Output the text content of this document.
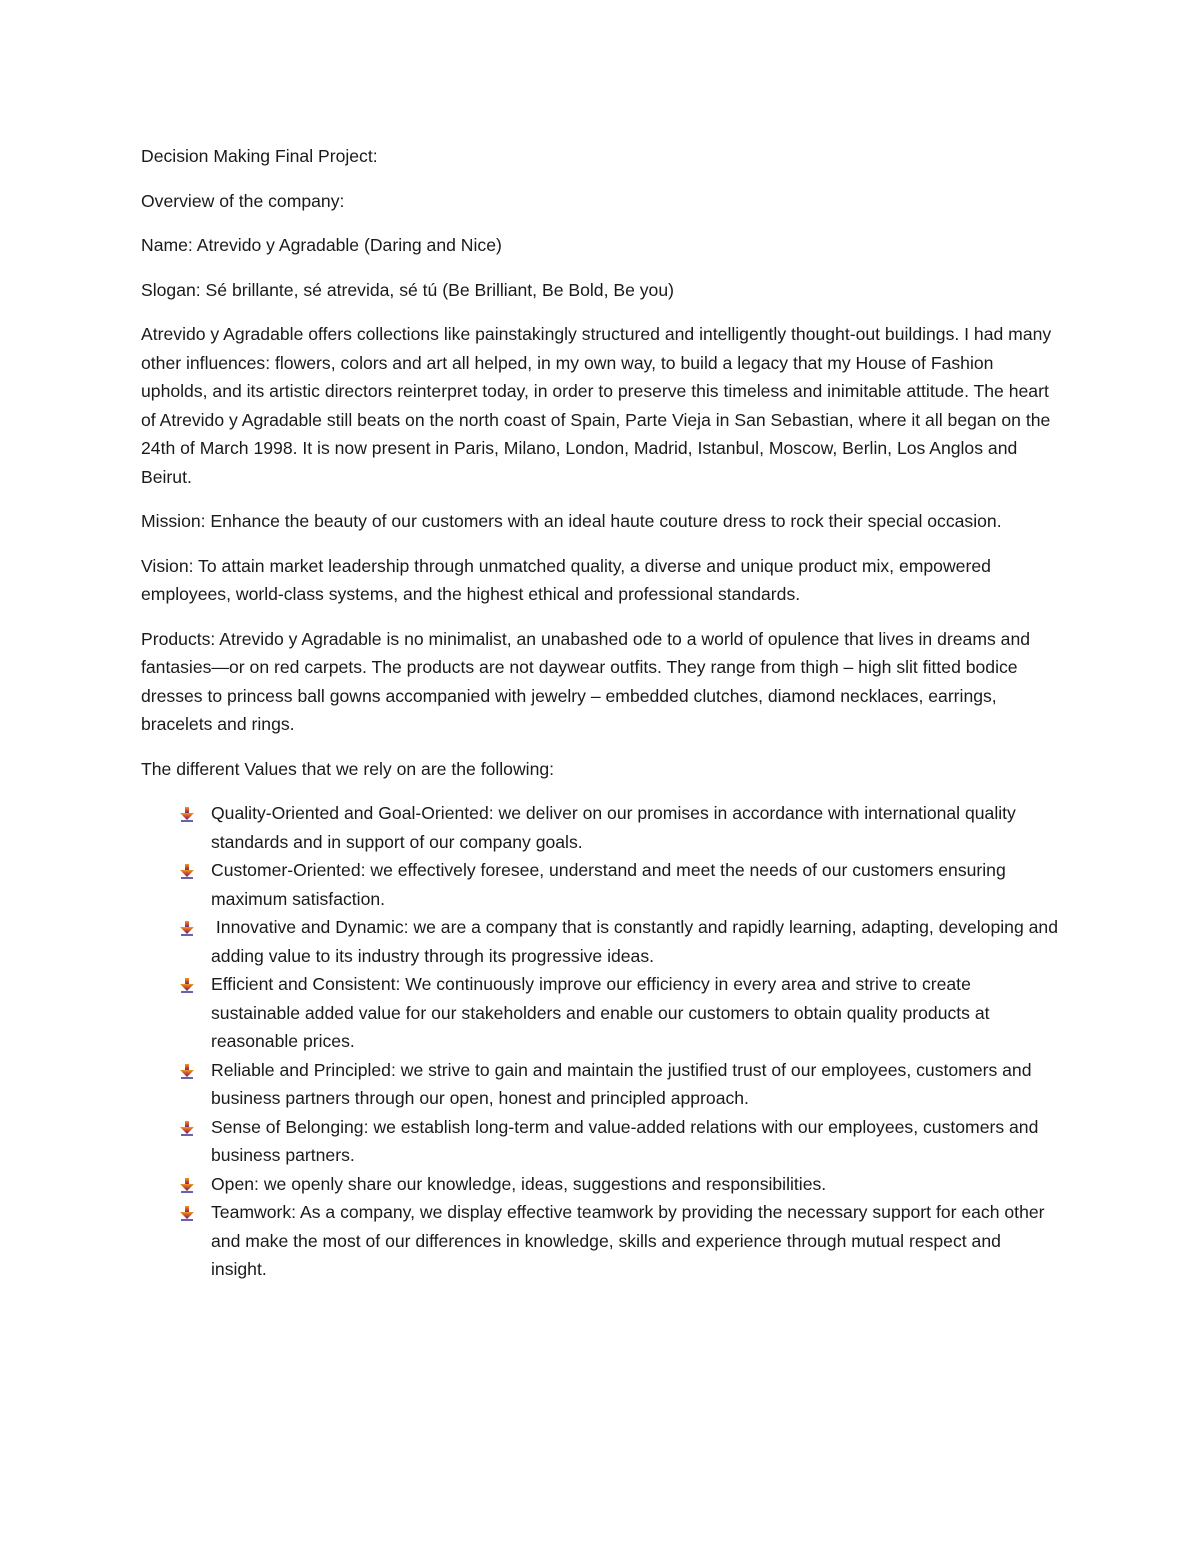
Decision Making Final Project:

Overview of the company:

Name: Atrevido y Agradable (Daring and Nice)

Slogan: Sé brillante, sé atrevida, sé tú (Be Brilliant, Be Bold, Be you)

Atrevido y Agradable offers collections like painstakingly structured and intelligently thought-out buildings. I had many other influences: flowers, colors and art all helped, in my own way, to build a legacy that my House of Fashion upholds, and its artistic directors reinterpret today, in order to preserve this timeless and inimitable attitude. The heart of Atrevido y Agradable still beats on the north coast of Spain, Parte Vieja in San Sebastian, where it all began on the 24th of March 1998. It is now present in Paris, Milano, London, Madrid, Istanbul, Moscow, Berlin, Los Anglos and Beirut.

Mission: Enhance the beauty of our customers with an ideal haute couture dress to rock their special occasion.

Vision: To attain market leadership through unmatched quality, a diverse and unique product mix, empowered employees, world-class systems, and the highest ethical and professional standards.

Products: Atrevido y Agradable is no minimalist, an unabashed ode to a world of opulence that lives in dreams and fantasies—or on red carpets. The products are not daywear outfits. They range from thigh – high slit fitted bodice dresses to princess ball gowns accompanied with jewelry – embedded clutches, diamond necklaces, earrings, bracelets and rings.

The different Values that we rely on are the following:

Quality-Oriented and Goal-Oriented: we deliver on our promises in accordance with international quality standards and in support of our company goals.
Customer-Oriented: we effectively foresee, understand and meet the needs of our customers ensuring maximum satisfaction.
Innovative and Dynamic: we are a company that is constantly and rapidly learning, adapting, developing and adding value to its industry through its progressive ideas.
Efficient and Consistent: We continuously improve our efficiency in every area and strive to create sustainable added value for our stakeholders and enable our customers to obtain quality products at reasonable prices.
Reliable and Principled: we strive to gain and maintain the justified trust of our employees, customers and business partners through our open, honest and principled approach.
Sense of Belonging: we establish long-term and value-added relations with our employees, customers and business partners.
Open: we openly share our knowledge, ideas, suggestions and responsibilities.
Teamwork: As a company, we display effective teamwork by providing the necessary support for each other and make the most of our differences in knowledge, skills and experience through mutual respect and insight.
